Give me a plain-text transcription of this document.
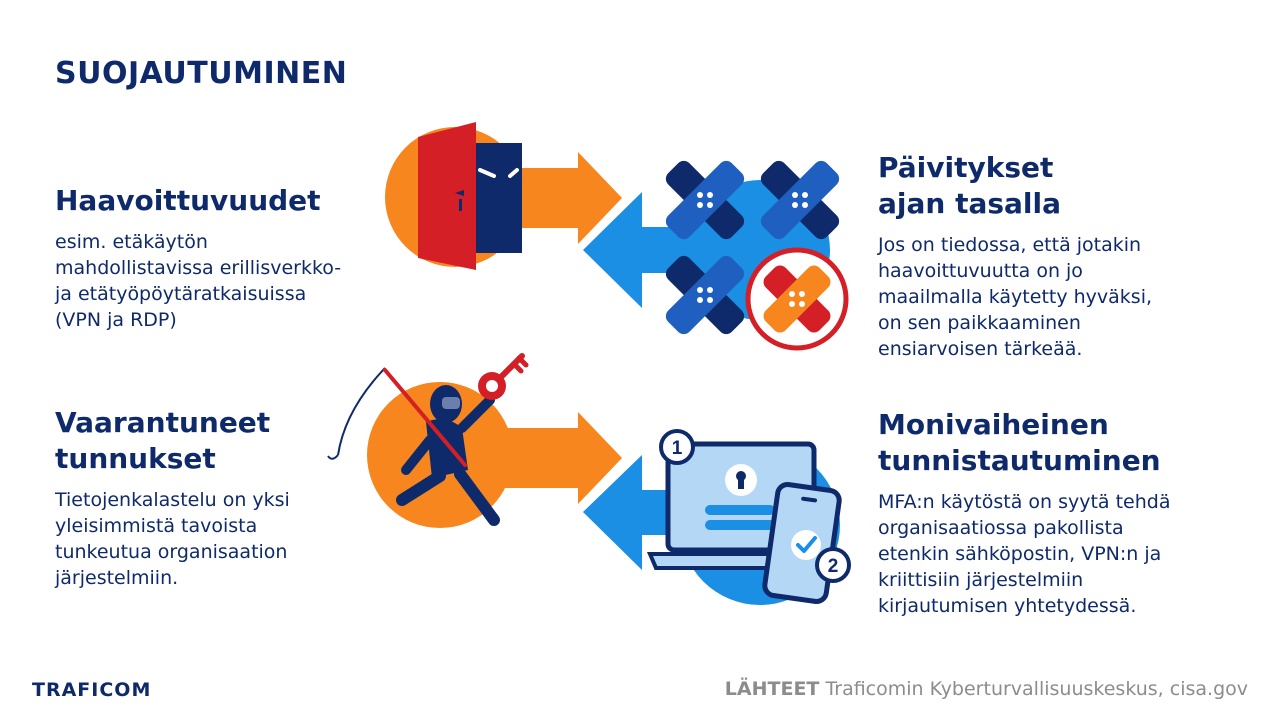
SUOJAUTUMINEN
Haavoittuvuudet

esim. etäkäytön
mahdollistavissa erillisverkko-
ja etätyöpöytäratkaisuissa
(VPN ja RDP)

Päivitykset
ajan tasalla

Jos on tiedossa, että jotakin
haavoittuvuutta on jo
maailmalla käytetty hyväksi,
on sen paikkaaminen
ensiarvoisen tärkeää.

Vaarantuneet
tunnukset

Tietojenkalastelu on yksi
yleisimmistä tavoista
tunkeutua organisaation
järjestelmiin.

Monivaiheinen
tunnistautuminen

MFA:n käytöstä on syytä tehdä
organisaatiossa pakollista
etenkin sähköpostin, VPN:n ja
kriittisiin järjestelmiin
kirjautumisen yhtetydessä.

1
2
TRAFICOM	LÄHTEET Traficomin Kyberturvallisuuskeskus, cisa.gov
